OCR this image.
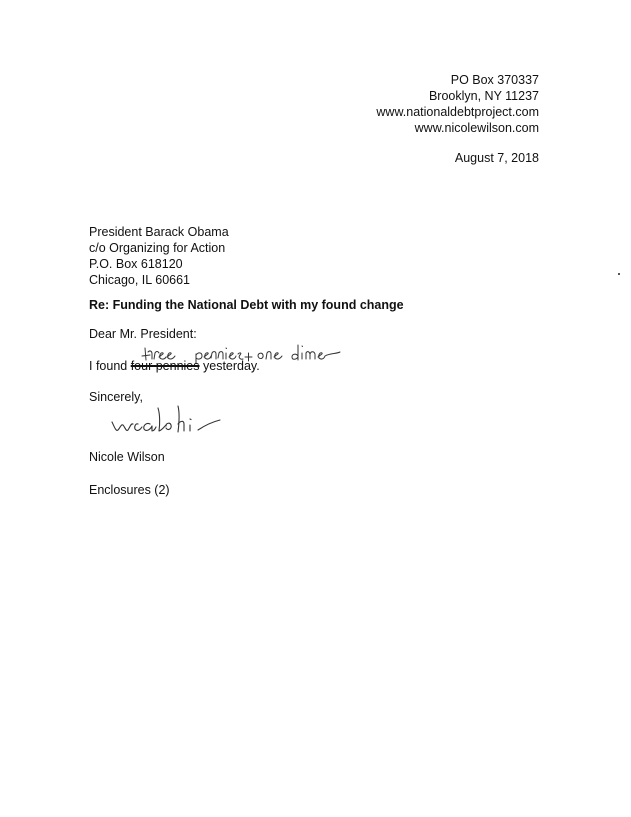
PO Box 370337
Brooklyn, NY 11237
www.nationaldebtproject.com
www.nicolewilson.com
August 7, 2018
President Barack Obama
c/o Organizing for Action
P.O. Box 618120
Chicago, IL 60661
Re: Funding the National Debt with my found change
Dear Mr. President:
I found four pennies yesterday.
Sincerely,
Nicole Wilson
Enclosures (2)
